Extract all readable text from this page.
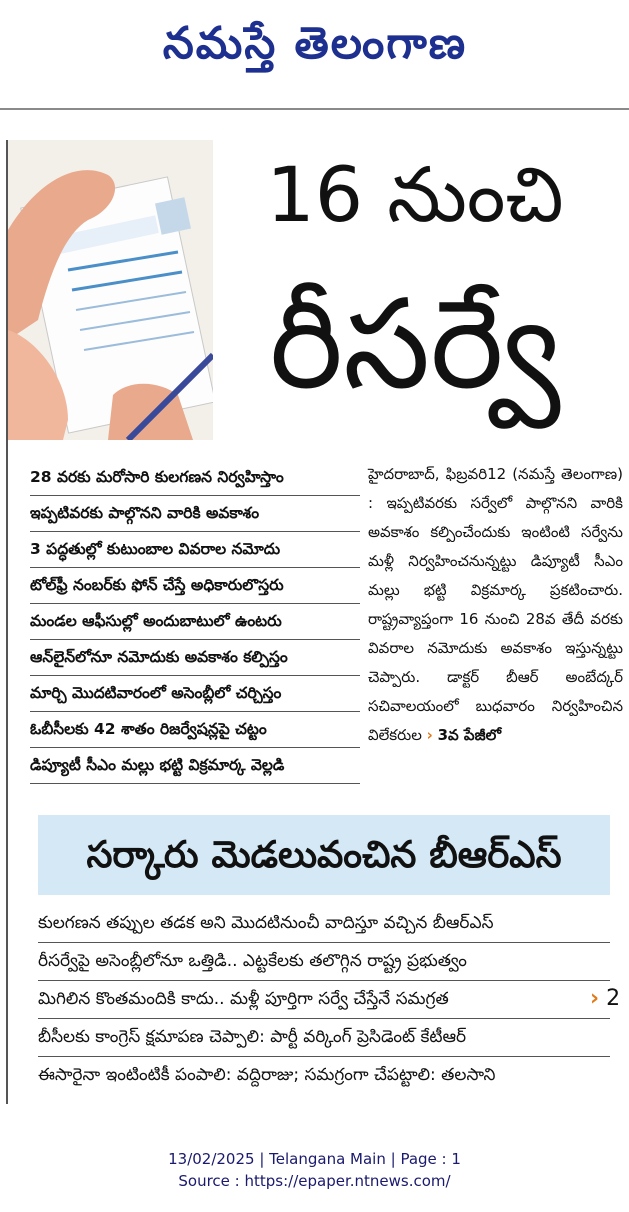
నమస్తే తెలంగాణ
16 నుంచి
రీసర్వే
28 వరకు మరోసారి కులగణన నిర్వహిస్తాం
ఇప్పటివరకు పాల్గొనని వారికి అవకాశం
3 పద్ధతుల్లో కుటుంబాల వివరాల నమోదు
టోల్‌ఫ్రీ నంబర్‌కు ఫోన్ చేస్తే అధికారులొస్తరు
మండల ఆఫీసుల్లో అందుబాటులో ఉంటరు
ఆన్‌లైన్‌లోనూ నమోదుకు అవకాశం కల్పిస్తం
మార్చి మొదటివారంలో అసెంబ్లీలో చర్చిస్తం
ఓబీసీలకు 42 శాతం రిజర్వేషన్లపై చట్టం
డిప్యూటీ సీఎం మల్లు భట్టి విక్రమార్క వెల్లడి

హైదరాబాద్, ఫిబ్రవరి12 (నమస్తే తెలంగాణ) : ఇప్పటివరకు సర్వేలో పాల్గొనని వారికి అవకాశం కల్పించేందుకు ఇంటింటి సర్వేను మళ్లీ నిర్వహించనున్నట్టు డిప్యూటీ సీఎం మల్లు భట్టి విక్రమార్క ప్రకటించారు. రాష్ట్రవ్యాప్తంగా 16 నుంచి 28వ తేదీ వరకు వివరాల నమోదుకు అవకాశం ఇస్తున్నట్టు చెప్పారు. డాక్టర్ బీఆర్ అంబేద్కర్ సచివాలయంలో బుధవారం నిర్వహించిన విలేకరుల › 3వ పేజీలో

సర్కారు మెడలువంచిన బీఆర్‌ఎస్
కులగణన తప్పుల తడక అని మొదటినుంచీ వాదిస్తూ వచ్చిన బీఆర్‌ఎస్
రీసర్వేపై అసెంబ్లీలోనూ ఒత్తిడి.. ఎట్టకేలకు తలొగ్గిన రాష్ట్ర ప్రభుత్వం
మిగిలిన కొంతమందికి కాదు.. మళ్లీ పూర్తిగా సర్వే చేస్తేనే సమగ్రత
బీసీలకు కాంగ్రెస్ క్షమాపణ చెప్పాలి: పార్టీ వర్కింగ్ ప్రెసిడెంట్ కేటీఆర్
ఈసారైనా ఇంటింటికీ పంపాలి: వద్దిరాజు; సమగ్రంగా చేపట్టాలి: తలసాని
› 2
13/02/2025 | Telangana Main | Page : 1
Source : https://epaper.ntnews.com/
